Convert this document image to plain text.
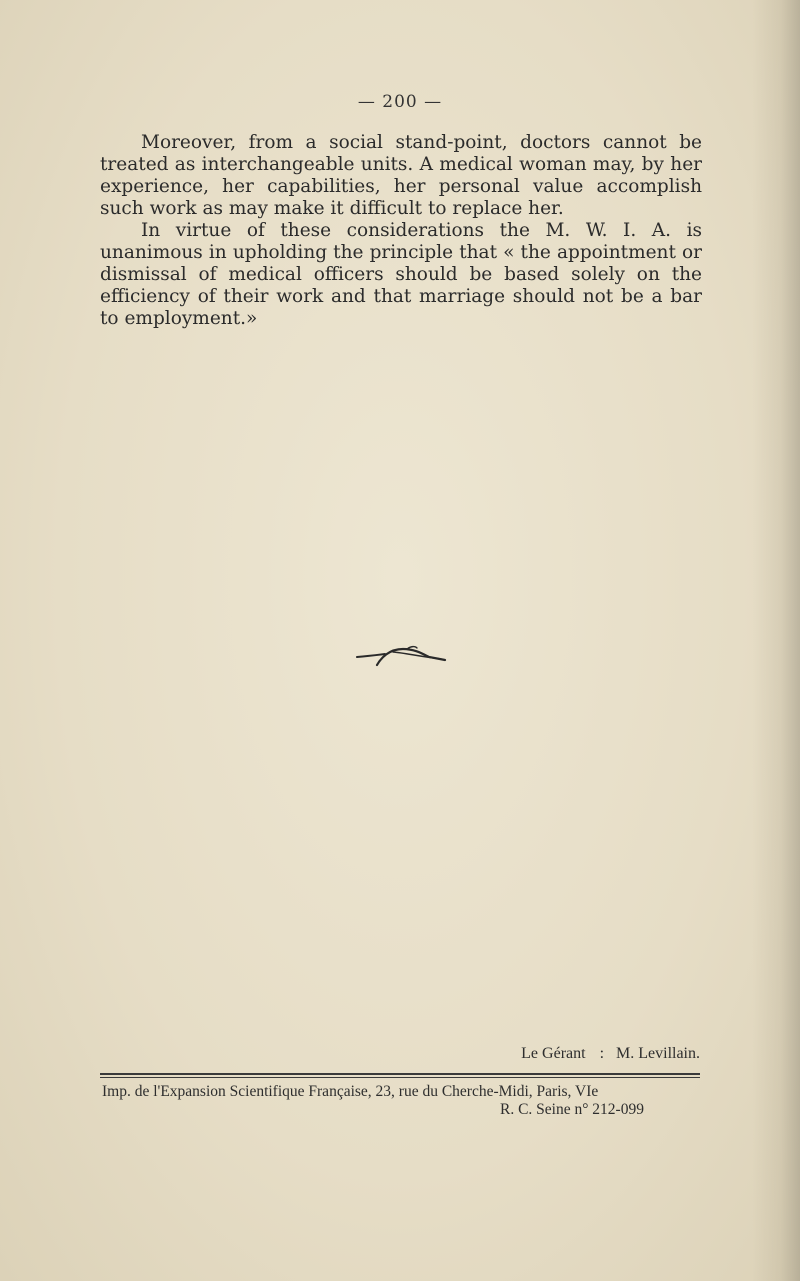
— 200 —

Moreover, from a social stand-point, doctors cannot be treated as interchangeable units. A medical woman may, by her experience, her capabilities, her personal value accomplish such work as may make it difficult to replace her.

In virtue of these considerations the M. W. I. A. is unanimous in upholding the principle that « the appointment or dismissal of medical officers should be based solely on the efficiency of their work and that marriage should not be a bar to employment.»

Le Gérant : M. Levillain.
Imp. de l'Expansion Scientifique Française, 23, rue du Cherche-Midi, Paris, VIe
R. C. Seine n° 212-099
